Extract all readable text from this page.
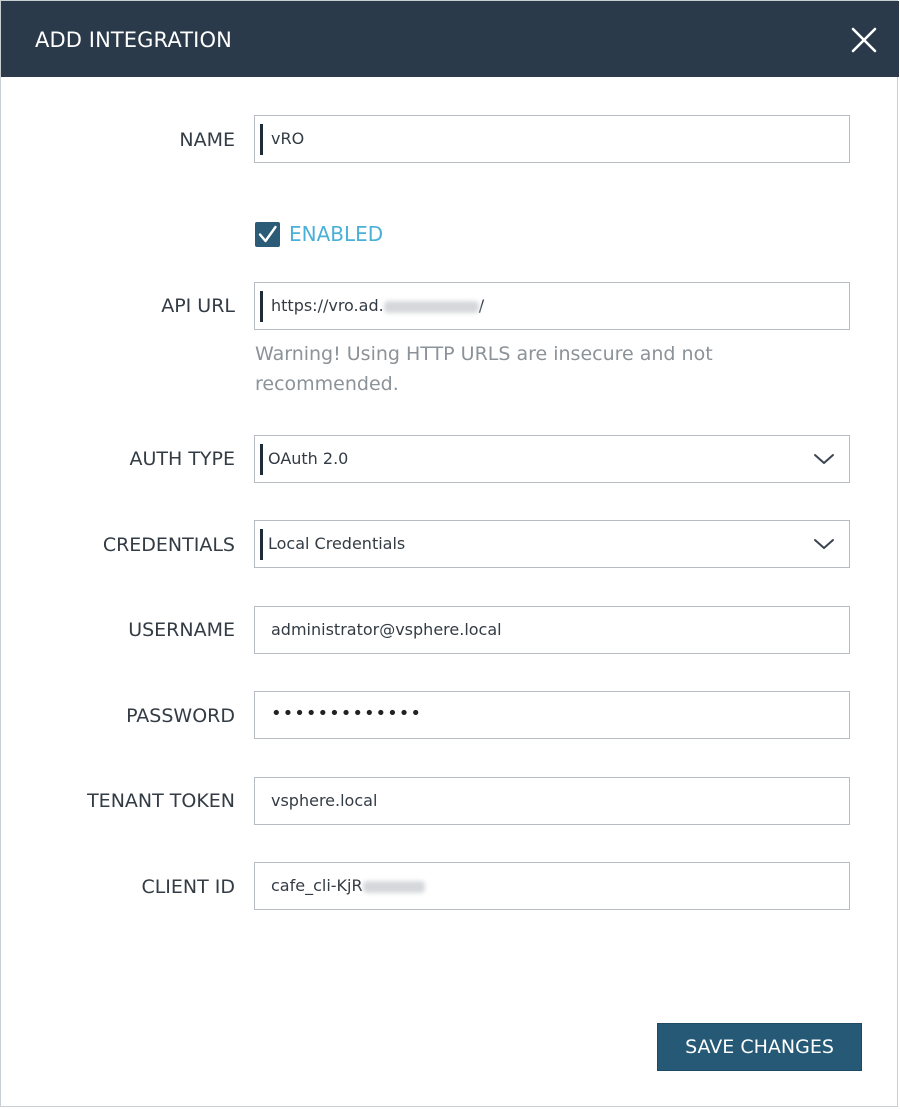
ADD INTEGRATION
NAME vRO
ENABLED
API URL https://vro.ad.	/
Warning! Using HTTP URLS are insecure and not recommended.
AUTH TYPE OAuth 2.0
CREDENTIALS Local Credentials
USERNAME administrator@vsphere.local
PASSWORD •••••••••••••
TENANT TOKEN vsphere.local
CLIENT ID cafe_cli-KjR
SAVE CHANGES
